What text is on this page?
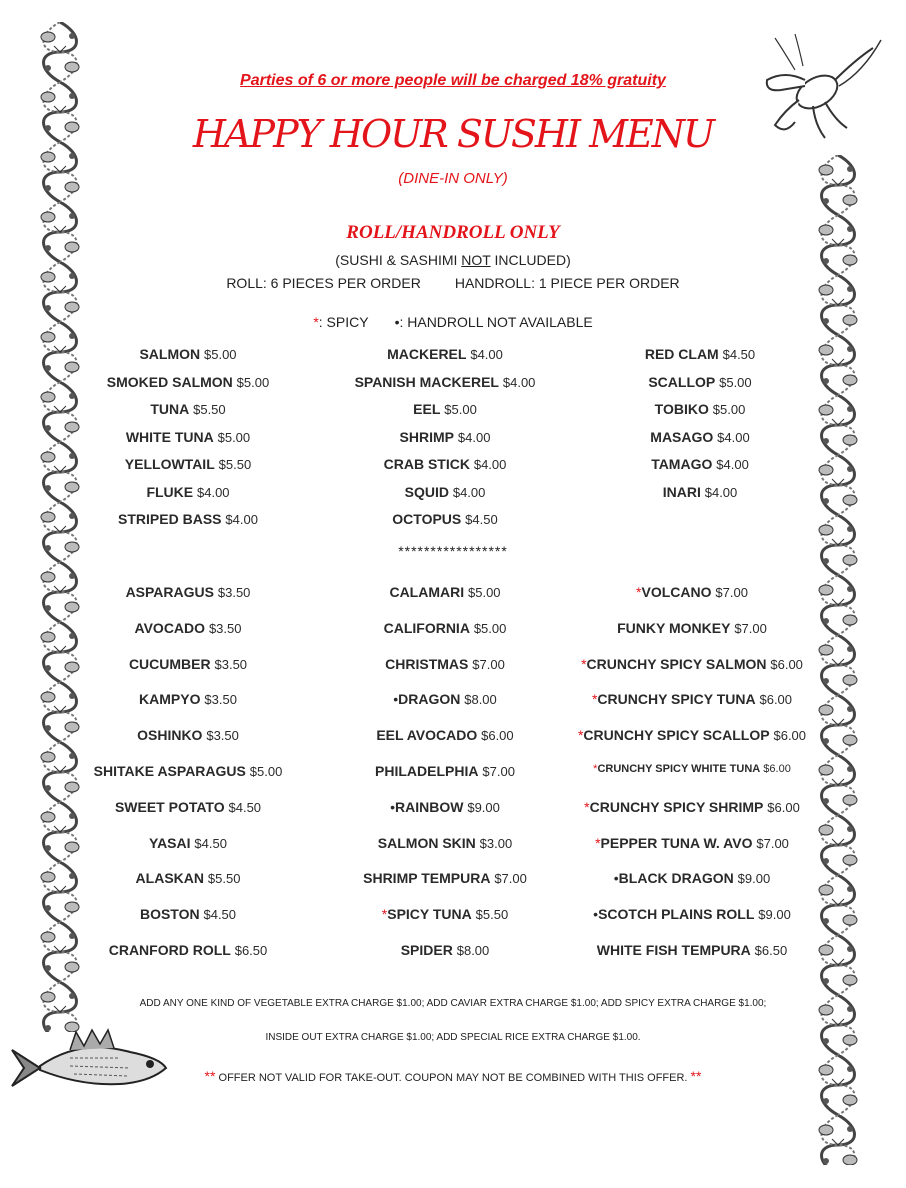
Parties of 6 or more people will be charged 18% gratuity
HAPPY HOUR SUSHI MENU
(DINE-IN ONLY)
ROLL/HANDROLL ONLY
(SUSHI & SASHIMI NOT INCLUDED)
ROLL: 6 PIECES PER ORDER HANDROLL: 1 PIECE PER ORDER
*: SPICY •: HANDROLL NOT AVAILABLE
SALMON $5.00
SMOKED SALMON $5.00
TUNA $5.50
WHITE TUNA $5.00
YELLOWTAIL $5.50
FLUKE $4.00
STRIPED BASS $4.00
MACKEREL $4.00
SPANISH MACKEREL $4.00
EEL $5.00
SHRIMP $4.00
CRAB STICK $4.00
SQUID $4.00
OCTOPUS $4.50
RED CLAM $4.50
SCALLOP $5.00
TOBIKO $5.00
MASAGO $4.00
TAMAGO $4.00
INARI $4.00
*****************
ASPARAGUS $3.50
AVOCADO $3.50
CUCUMBER $3.50
KAMPYO $3.50
OSHINKO $3.50
SHITAKE ASPARAGUS $5.00
SWEET POTATO $4.50
YASAI $4.50
ALASKAN $5.50
BOSTON $4.50
CRANFORD ROLL $6.50
CALAMARI $5.00
CALIFORNIA $5.00
CHRISTMAS $7.00
•DRAGON $8.00
EEL AVOCADO $6.00
PHILADELPHIA $7.00
•RAINBOW $9.00
SALMON SKIN $3.00
SHRIMP TEMPURA $7.00
*SPICY TUNA $5.50
SPIDER $8.00
*VOLCANO $7.00
FUNKY MONKEY $7.00
*CRUNCHY SPICY SALMON $6.00
*CRUNCHY SPICY TUNA $6.00
*CRUNCHY SPICY SCALLOP $6.00
*CRUNCHY SPICY WHITE TUNA $6.00
*CRUNCHY SPICY SHRIMP $6.00
*PEPPER TUNA W. AVO $7.00
•BLACK DRAGON $9.00
•SCOTCH PLAINS ROLL $9.00
WHITE FISH TEMPURA $6.50
ADD ANY ONE KIND OF VEGETABLE EXTRA CHARGE $1.00; ADD CAVIAR EXTRA CHARGE $1.00; ADD SPICY EXTRA CHARGE $1.00;
INSIDE OUT EXTRA CHARGE $1.00; ADD SPECIAL RICE EXTRA CHARGE $1.00.
** OFFER NOT VALID FOR TAKE-OUT. COUPON MAY NOT BE COMBINED WITH THIS OFFER. **
